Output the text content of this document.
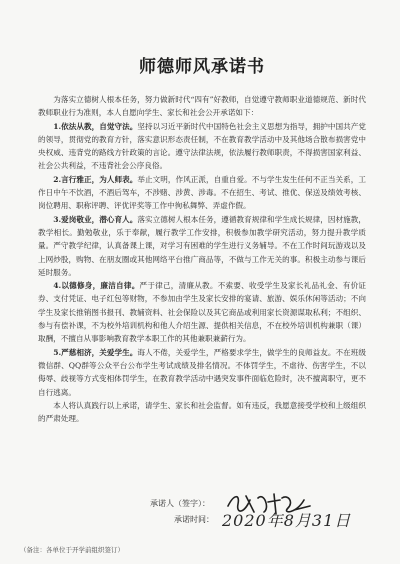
师德师风承诺书

为落实立德树人根本任务，努力做新时代“四有”好教师，自觉遵守教师职业道德规范、新时代教师职业行为准则，本人自愿向学生、家长和社会公开承诺如下：

1.依法从教，自觉守法。坚持以习近平新时代中国特色社会主义思想为指导，拥护中国共产党的领导，贯彻党的教育方针，落实意识形态责任制，不在教育教学活动中及其他场合散布损害党中央权威、违背党的路线方针政策的言论。遵守法律法规，依法履行教师职责，不得损害国家利益、社会公共利益，不违背社会公序良俗。

2.言行雅正，为人师表。举止文明，作风正派，自重自爱。不与学生发生任何不正当关系，工作日中午不饮酒，不酒后驾车，不涉赌、涉黄、涉毒。不在招生、考试、推优、保送及绩效考核、岗位聘用、职称评聘、评优评奖等工作中徇私舞弊、弄虚作假。

3.爱岗敬业，潜心育人。落实立德树人根本任务，遵循教育规律和学生成长规律，因材施教，教学相长。勤勉敬业，乐于奉献，履行教学工作安排，积极参加教学研究活动，努力提升教学质量。严守教学纪律，认真备课上课，对学习有困难的学生进行义务辅导。不在工作时间玩游戏以及上网炒股，购物、在朋友圈或其他网络平台推广商品等，不做与工作无关的事。积极主动参与课后延时服务。

4.以德修身，廉洁自律。严于律己，清廉从教。不索要、收受学生及家长礼品礼金、有价证券、支付凭证、电子红包等财物，不参加由学生及家长安排的宴请、旅游、娱乐休闲等活动；不向学生及家长推销图书报刊、教辅资料、社会保险以及其它商品或利用家长资源谋取私利；不组织、参与有偿补课，不为校外培训机构和他人介绍生源、提供相关信息，不在校外培训机构兼职（课）取酬，不擅自从事影响教育教学本职工作的其他兼职兼薪行为。

5.严慈相济，关爱学生。诲人不倦，关爱学生，严格要求学生，做学生的良师益友。不在班级微信群、QQ群等公众平台公布学生考试成绩及排名情况。不体罚学生，不虐待、伤害学生，不以侮辱、歧视等方式变相体罚学生，在教育教学活动中遇突发事件面临危险时，决不擅离职守，更不自行逃离。

本人将认真践行以上承诺，请学生、家长和社会监督。如有违反，我愿意接受学校和上级组织的严肃处理。

承诺人（签字）：
承诺时间： 2020年8月31日
（备注：各单位于开学前组织签订）
